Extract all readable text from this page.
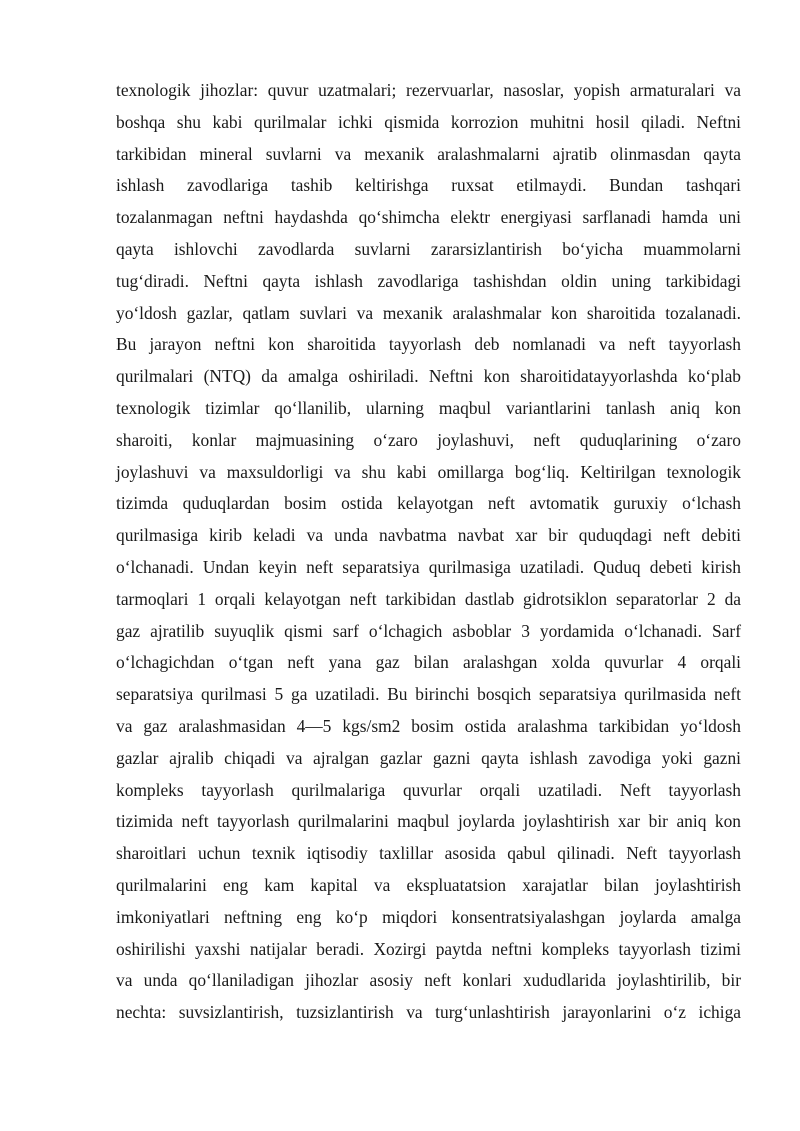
texnologik jihozlar: quvur uzatmalari; rezervuarlar, nasoslar, yopish armaturalari va
boshqa shu kabi qurilmalar ichki qismida korrozion muhitni hosil qiladi. Neftni
tarkibidan mineral suvlarni va mexanik aralashmalarni ajratib olinmasdan qayta
ishlash zavodlariga tashib keltirishga ruxsat etilmaydi. Bundan tashqari
tozalanmagan neftni haydashda qo‘shimcha elektr energiyasi sarflanadi hamda uni
qayta ishlovchi zavodlarda suvlarni zararsizlantirish bo‘yicha muammolarni
tug‘diradi. Neftni qayta ishlash zavodlariga tashishdan oldin uning tarkibidagi
yo‘ldosh gazlar, qatlam suvlari va mexanik aralashmalar kon sharoitida tozalanadi.
Bu jarayon neftni kon sharoitida tayyorlash deb nomlanadi va neft tayyorlash
qurilmalari (NTQ) da amalga oshiriladi. Neftni kon sharoitidatayyorlashda ko‘plab
texnologik tizimlar qo‘llanilib, ularning maqbul variantlarini tanlash aniq kon
sharoiti, konlar majmuasining o‘zaro joylashuvi, neft quduqlarining o‘zaro
joylashuvi va maxsuldorligi va shu kabi omillarga bog‘liq. Keltirilgan texnologik
tizimda quduqlardan bosim ostida kelayotgan neft avtomatik guruxiy o‘lchash
qurilmasiga kirib keladi va unda navbatma navbat xar bir quduqdagi neft debiti
o‘lchanadi. Undan keyin neft separatsiya qurilmasiga uzatiladi. Quduq debeti kirish
tarmoqlari 1 orqali kelayotgan neft tarkibidan dastlab gidrotsiklon separatorlar 2 da
gaz ajratilib suyuqlik qismi sarf o‘lchagich asboblar 3 yordamida o‘lchanadi. Sarf
o‘lchagichdan o‘tgan neft yana gaz bilan aralashgan xolda quvurlar 4 orqali
separatsiya qurilmasi 5 ga uzatiladi. Bu birinchi bosqich separatsiya qurilmasida neft
va gaz aralashmasidan 4—5 kgs/sm2 bosim ostida aralashma tarkibidan yo‘ldosh
gazlar ajralib chiqadi va ajralgan gazlar gazni qayta ishlash zavodiga yoki gazni
kompleks tayyorlash qurilmalariga quvurlar orqali uzatiladi. Neft tayyorlash
tizimida neft tayyorlash qurilmalarini maqbul joylarda joylashtirish xar bir aniq kon
sharoitlari uchun texnik iqtisodiy taxlillar asosida qabul qilinadi. Neft tayyorlash
qurilmalarini eng kam kapital va ekspluatatsion xarajatlar bilan joylashtirish
imkoniyatlari neftning eng ko‘p miqdori konsentratsiyalashgan joylarda amalga
oshirilishi yaxshi natijalar beradi. Xozirgi paytda neftni kompleks tayyorlash tizimi
va unda qo‘llaniladigan jihozlar asosiy neft konlari xududlarida joylashtirilib, bir
nechta: suvsizlantirish, tuzsizlantirish va turg‘unlashtirish jarayonlarini o‘z ichiga
